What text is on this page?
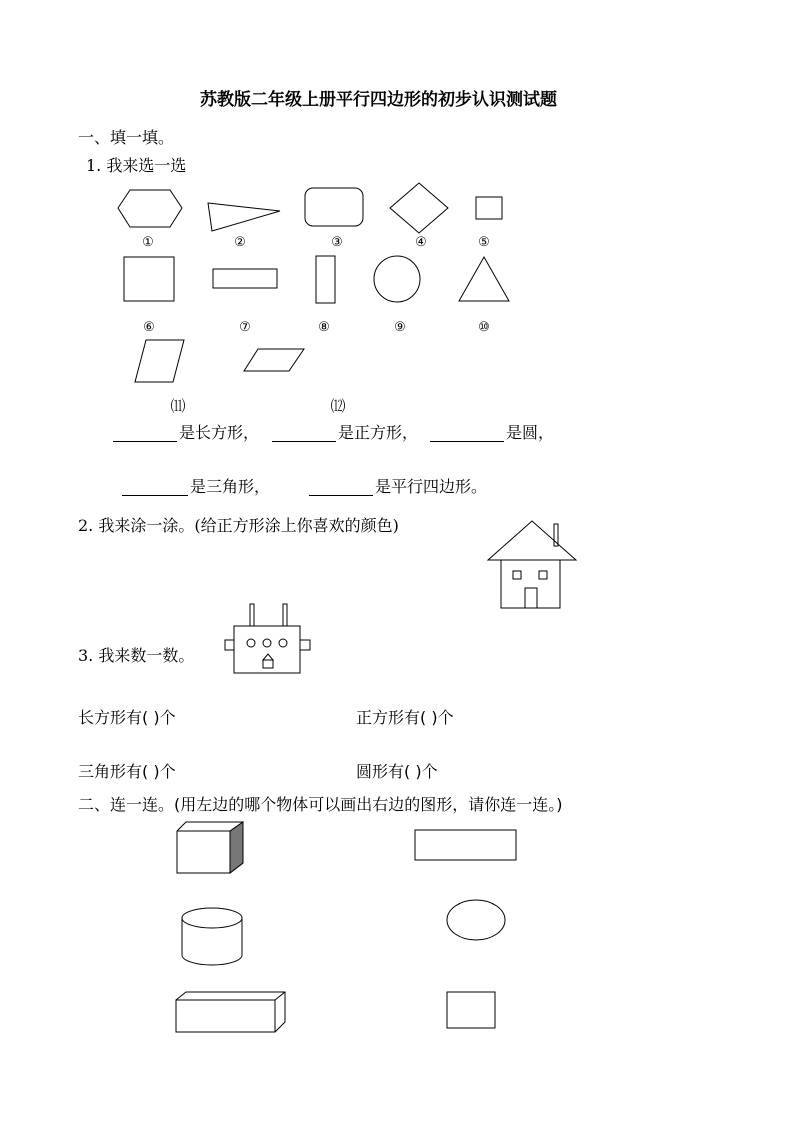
苏教版二年级上册平行四边形的初步认识测试题
一、填一填。
1. 我来选一选
①	②	③	④	⑤
⑥	⑦	⑧	⑨	⑩
⑾	⑿
是长方形，	是正方形，	是圆，
是三角形，	是平行四边形。
2. 我来涂一涂。(给正方形涂上你喜欢的颜色)
3. 我来数一数。
长方形有( )个	正方形有( )个
三角形有( )个	圆形有( )个
二、连一连。(用左边的哪个物体可以画出右边的图形，请你连一连。)
